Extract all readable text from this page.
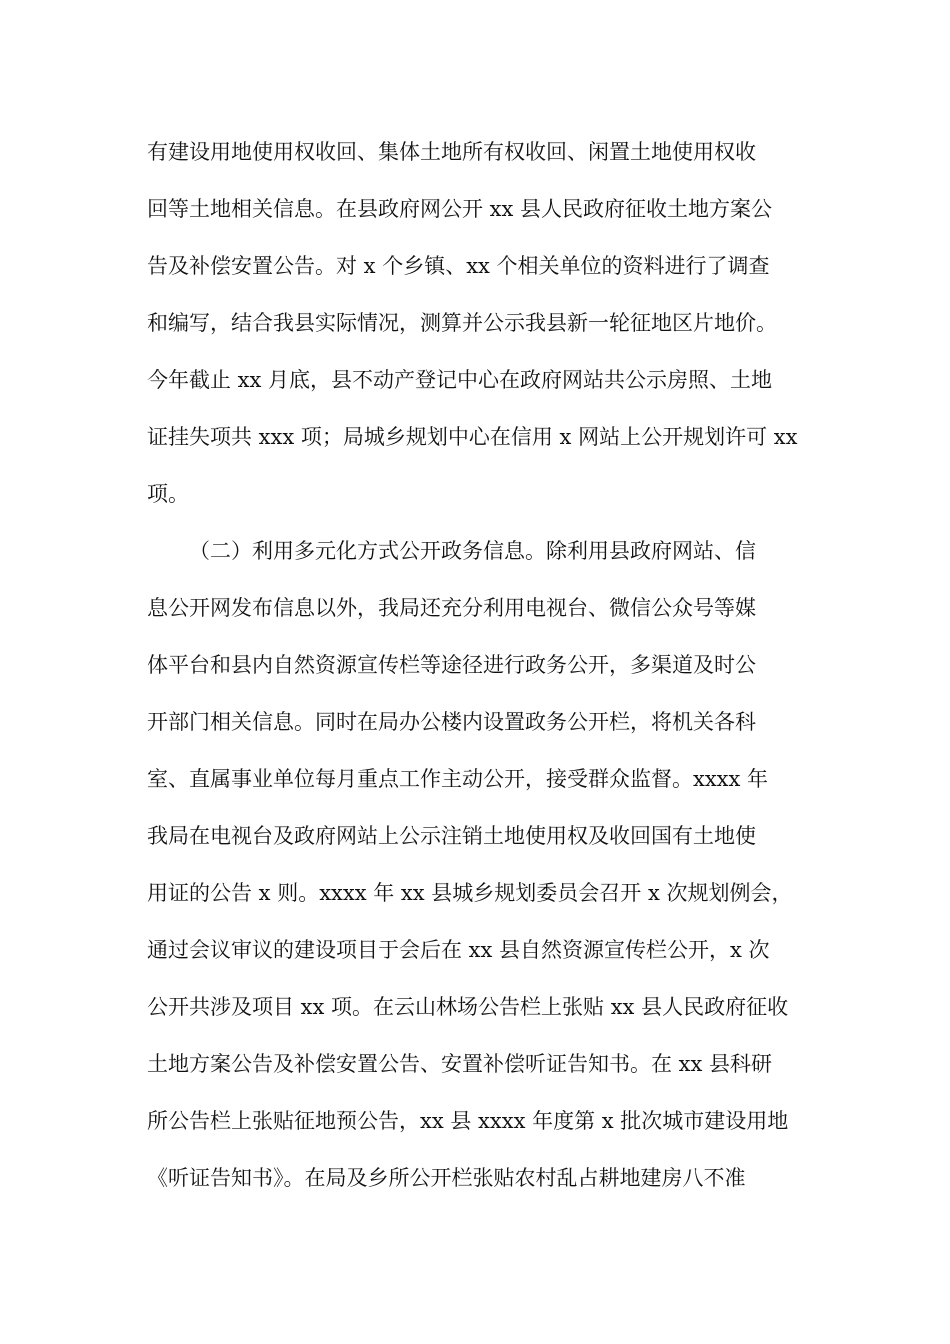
有建设用地使用权收回、集体土地所有权收回、闲置土地使用权收
回等土地相关信息。在县政府网公开 xx 县人民政府征收土地方案公
告及补偿安置公告。对 x 个乡镇、xx 个相关单位的资料进行了调查
和编写，结合我县实际情况，测算并公示我县新一轮征地区片地价。
今年截止 xx 月底，县不动产登记中心在政府网站共公示房照、土地
证挂失项共 xxx 项；局城乡规划中心在信用 x 网站上公开规划许可 xx
项。
（二）利用多元化方式公开政务信息。除利用县政府网站、信
息公开网发布信息以外，我局还充分利用电视台、微信公众号等媒
体平台和县内自然资源宣传栏等途径进行政务公开，多渠道及时公
开部门相关信息。同时在局办公楼内设置政务公开栏，将机关各科
室、直属事业单位每月重点工作主动公开，接受群众监督。xxxx 年
我局在电视台及政府网站上公示注销土地使用权及收回国有土地使
用证的公告 x 则。xxxx 年 xx 县城乡规划委员会召开 x 次规划例会，
通过会议审议的建设项目于会后在 xx 县自然资源宣传栏公开，x 次
公开共涉及项目 xx 项。在云山林场公告栏上张贴 xx 县人民政府征收
土地方案公告及补偿安置公告、安置补偿听证告知书。在 xx 县科研
所公告栏上张贴征地预公告，xx 县 xxxx 年度第 x 批次城市建设用地
《听证告知书》。在局及乡所公开栏张贴农村乱占耕地建房八不准
